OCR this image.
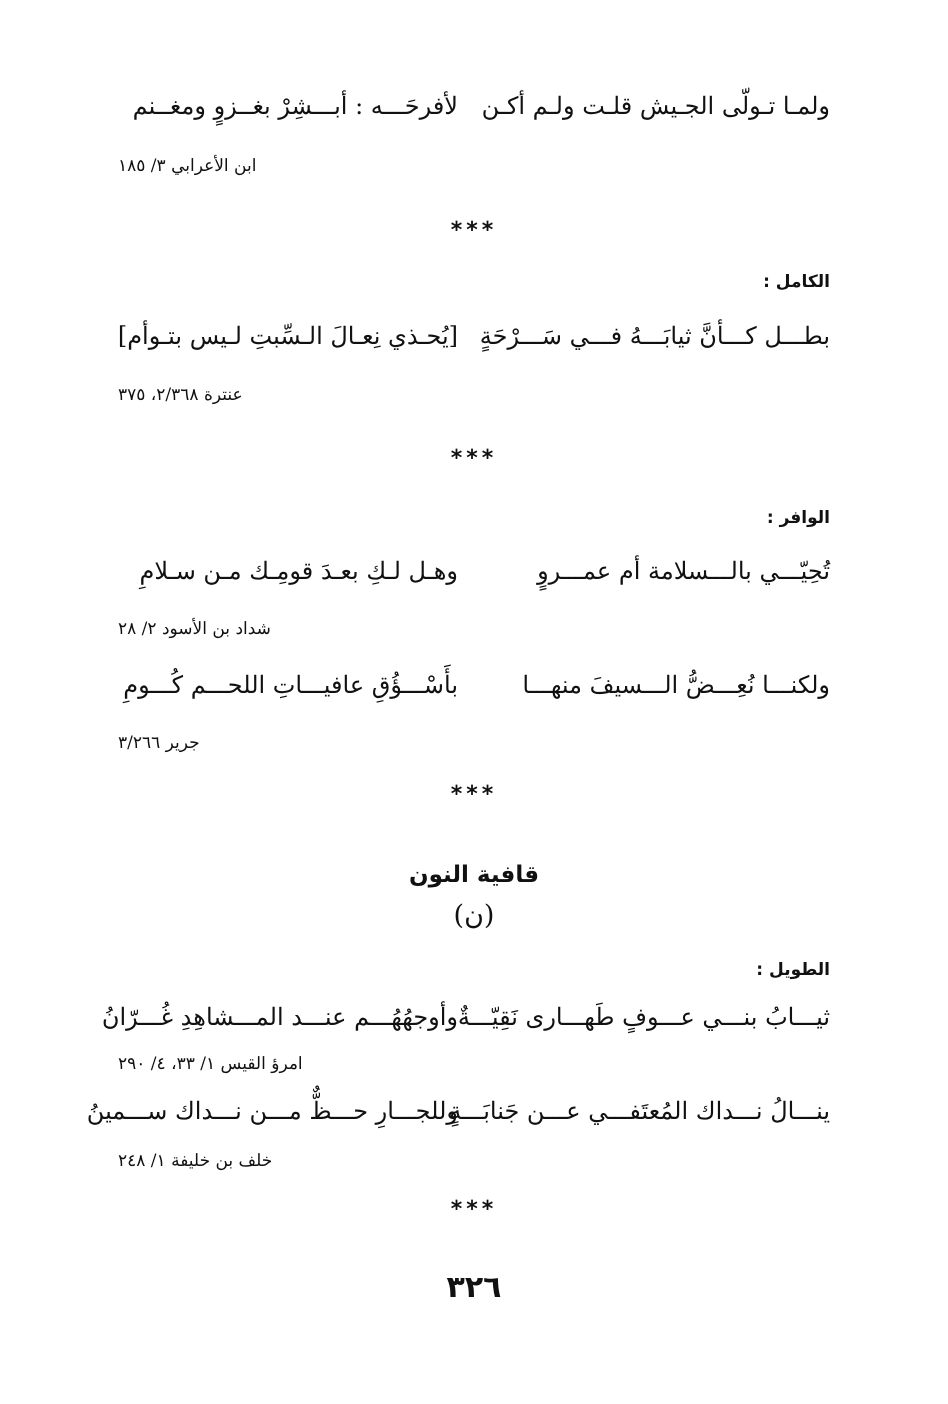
ولمـا تـولّى الجـيش قلـت ولـم أكـن
لأفرحَـــه : أبـــشِرْ بغــزوٍ ومغــنم
ابن الأعرابي ٣/ ١٨٥
***
الكامل :
بطـــل كـــأنَّ ثيابَـــهُ فـــي سَـــرْحَةٍ
[يُحـذي نِعـالَ الـسِّبتِ لـيس بتـوأم]
عنترة ٢/٣٦٨، ٣٧٥
***
الوافر :
تُحِيّـــي بالـــسلامة أم عمـــروٍ
وهـل لـكِ بعـدَ قومِـك مـن سـلامِ
شداد بن الأسود ٢/ ٢٨
ولكنـــا نُعِـــضُّ الـــسيفَ منهـــا
بأَسْـــؤُقِ عافيـــاتِ اللحـــم كُـــومِ
جرير ٣/٢٦٦
***
قافية النون
(ن)
الطويل :
ثيـــابُ بنـــي عـــوفٍ طَهـــارى نَقِيّـــةٌ
وأوجهُهُـــم عنـــد المـــشاهِدِ غُـــرّانُ
امرؤ القيس ١/ ٣٣، ٤/ ٢٩٠
ينـــالُ نـــداك المُعتَفـــي عـــن جَنابَـــةٍ
وللجـــارِ حـــظٌّ مـــن نـــداك ســـمينُ
خلف بن خليفة ١/ ٢٤٨
***
٣٢٦
